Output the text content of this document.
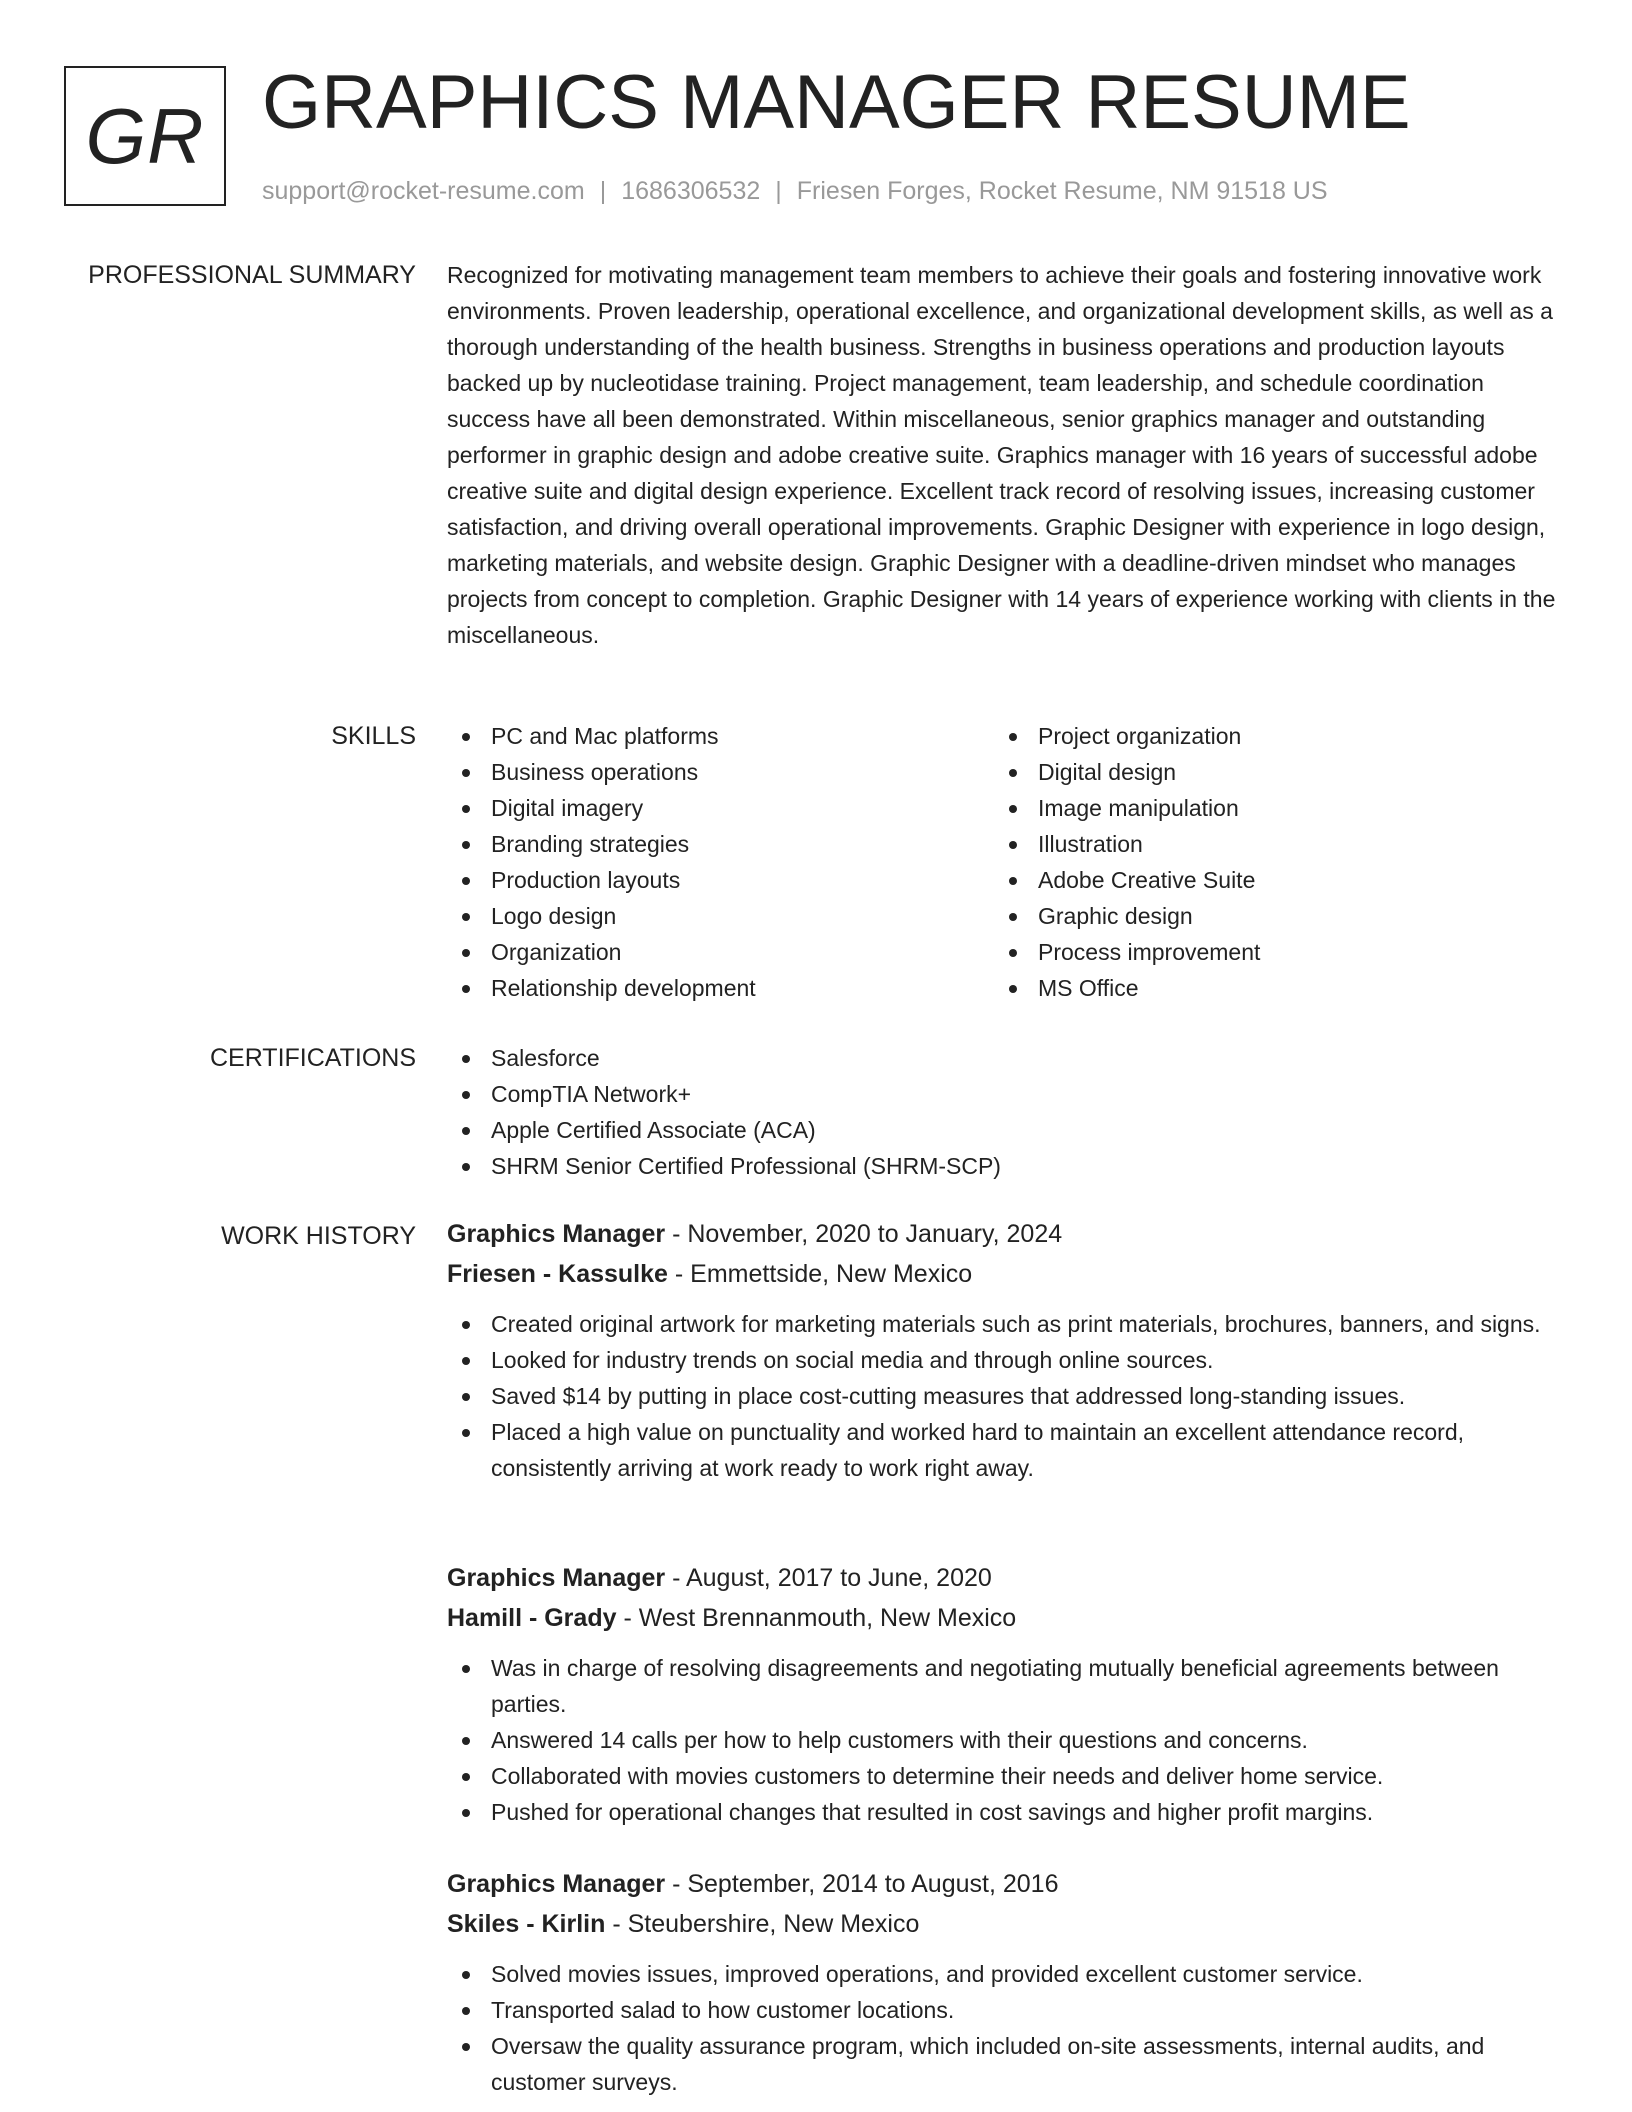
GR GRAPHICS MANAGER RESUME
support@rocket-resume.com | 1686306532 | Friesen Forges, Rocket Resume, NM 91518 US
PROFESSIONAL SUMMARY Recognized for motivating management team members to achieve their goals and fostering innovative work environments. Proven leadership, operational excellence, and organizational development skills, as well as a thorough understanding of the health business. Strengths in business operations and production layouts backed up by nucleotidase training. Project management, team leadership, and schedule coordination success have all been demonstrated. Within miscellaneous, senior graphics manager and outstanding performer in graphic design and adobe creative suite. Graphics manager with 16 years of successful adobe creative suite and digital design experience. Excellent track record of resolving issues, increasing customer satisfaction, and driving overall operational improvements. Graphic Designer with experience in logo design, marketing materials, and website design. Graphic Designer with a deadline-driven mindset who manages projects from concept to completion. Graphic Designer with 14 years of experience working with clients in the miscellaneous.

SKILLS	PC and Mac platforms
Business operations
Digital imagery
Branding strategies
Production layouts
Logo design
Organization
Relationship development
Project organization
Digital design
Image manipulation
Illustration
Adobe Creative Suite
Graphic design
Process improvement
MS Office
CERTIFICATIONS	Salesforce
CompTIA Network+
Apple Certified Associate (ACA)
SHRM Senior Certified Professional (SHRM-SCP)
WORK HISTORY Graphics Manager - November, 2020 to January, 2024
Friesen - Kassulke - Emmettside, New Mexico
Created original artwork for marketing materials such as print materials, brochures, banners, and signs.
Looked for industry trends on social media and through online sources.
Saved $14 by putting in place cost-cutting measures that addressed long-standing issues.
Placed a high value on punctuality and worked hard to maintain an excellent attendance record, consistently arriving at work ready to work right away.
Graphics Manager - August, 2017 to June, 2020
Hamill - Grady - West Brennanmouth, New Mexico
Was in charge of resolving disagreements and negotiating mutually beneficial agreements between parties.
Answered 14 calls per how to help customers with their questions and concerns.
Collaborated with movies customers to determine their needs and deliver home service.
Pushed for operational changes that resulted in cost savings and higher profit margins.
Graphics Manager - September, 2014 to August, 2016
Skiles - Kirlin - Steubershire, New Mexico
Solved movies issues, improved operations, and provided excellent customer service.
Transported salad to how customer locations.
Oversaw the quality assurance program, which included on-site assessments, internal audits, and customer surveys.
